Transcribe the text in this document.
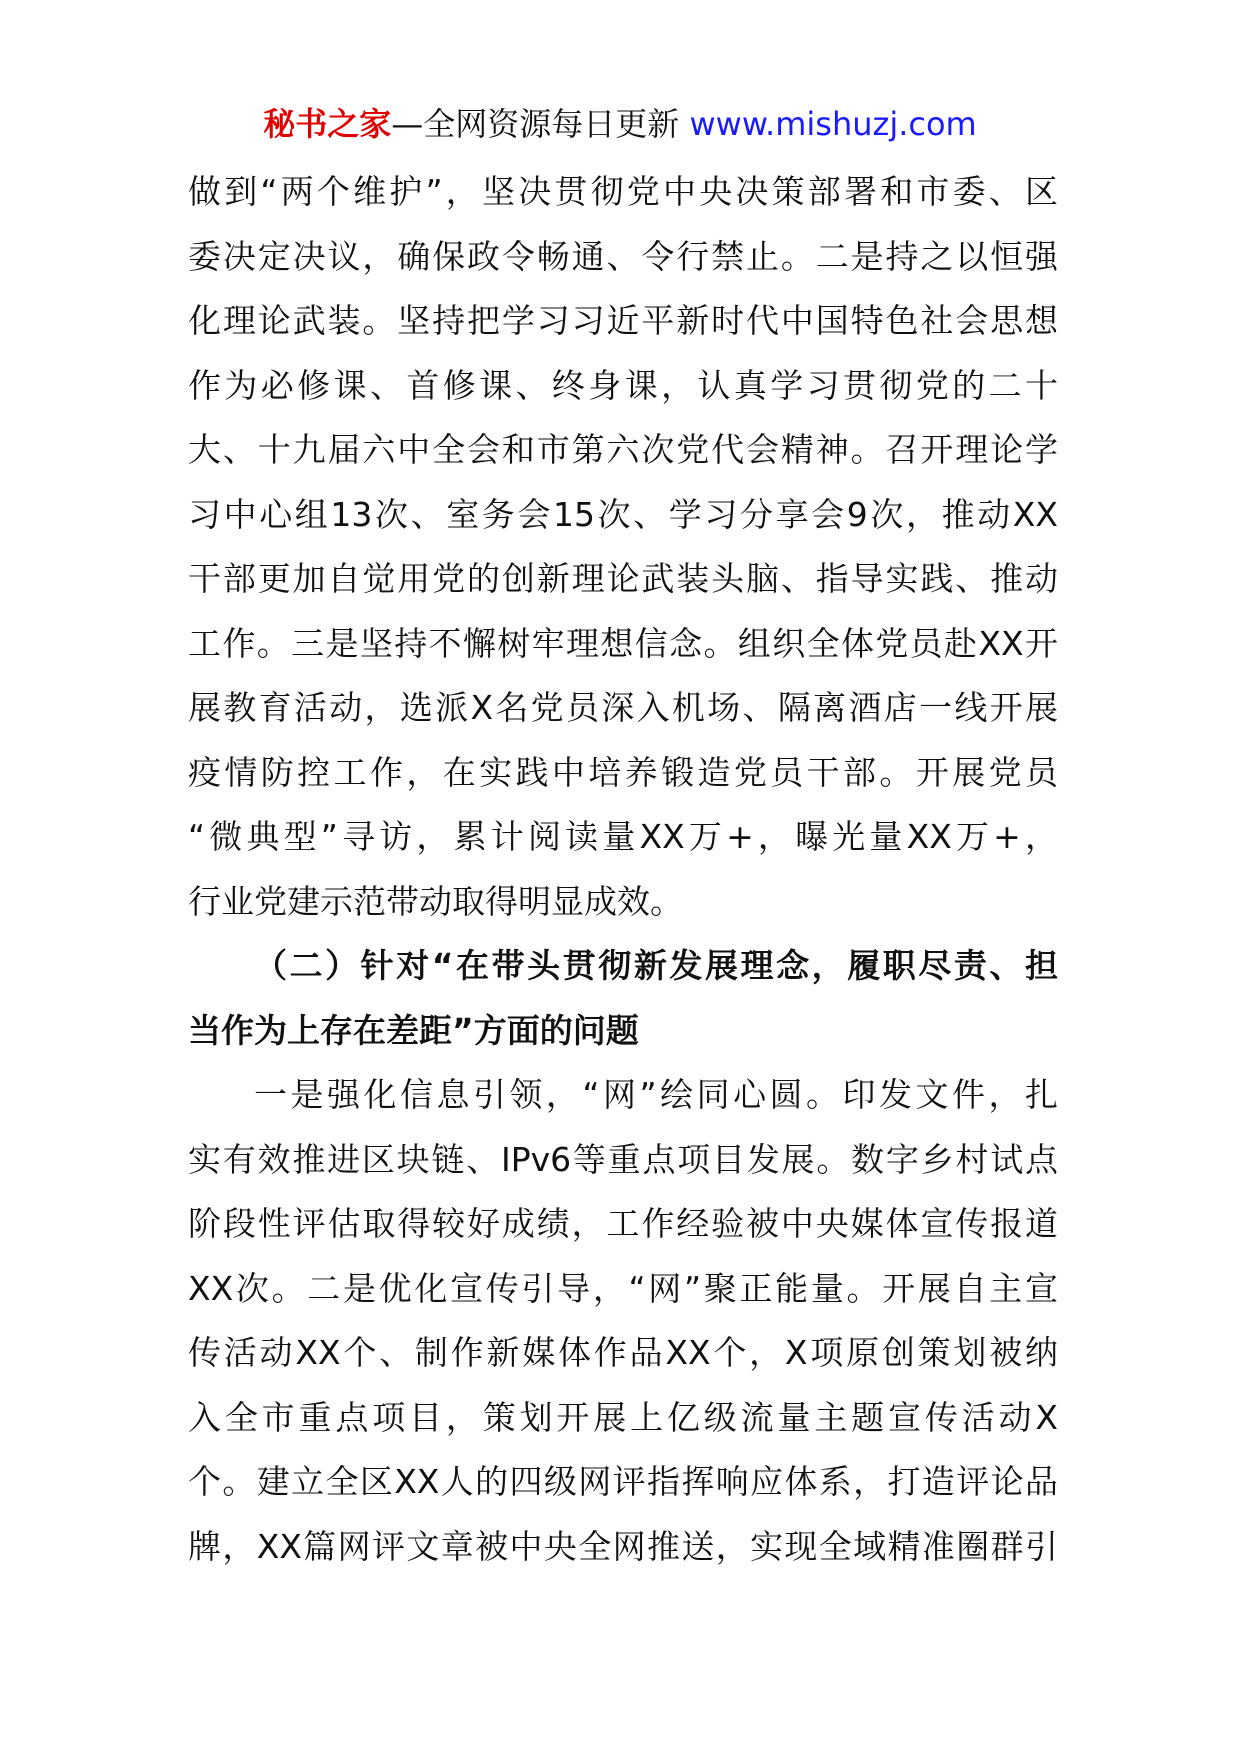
秘书之家—全网资源每日更新 www.mishuzj.com
做到“两个维护”，坚决贯彻党中央决策部署和市委、区
委决定决议，确保政令畅通、令行禁止。二是持之以恒强
化理论武装。坚持把学习习近平新时代中国特色社会思想
作为必修课、首修课、终身课，认真学习贯彻党的二十
大、十九届六中全会和市第六次党代会精神。召开理论学
习中心组13次、室务会15次、学习分享会9次，推动XX
干部更加自觉用党的创新理论武装头脑、指导实践、推动
工作。三是坚持不懈树牢理想信念。组织全体党员赴XX开
展教育活动，选派X名党员深入机场、隔离酒店一线开展
疫情防控工作，在实践中培养锻造党员干部。开展党员
“微典型”寻访，累计阅读量XX万+，曝光量XX万+，
行业党建示范带动取得明显成效。
（二）针对“在带头贯彻新发展理念，履职尽责、担
当作为上存在差距”方面的问题
一是强化信息引领，“网”绘同心圆。印发文件，扎
实有效推进区块链、IPv6等重点项目发展。数字乡村试点
阶段性评估取得较好成绩，工作经验被中央媒体宣传报道
XX次。二是优化宣传引导，“网”聚正能量。开展自主宣
传活动XX个、制作新媒体作品XX个，X项原创策划被纳
入全市重点项目，策划开展上亿级流量主题宣传活动X
个。建立全区XX人的四级网评指挥响应体系，打造评论品
牌，XX篇网评文章被中央全网推送，实现全域精准圈群引
